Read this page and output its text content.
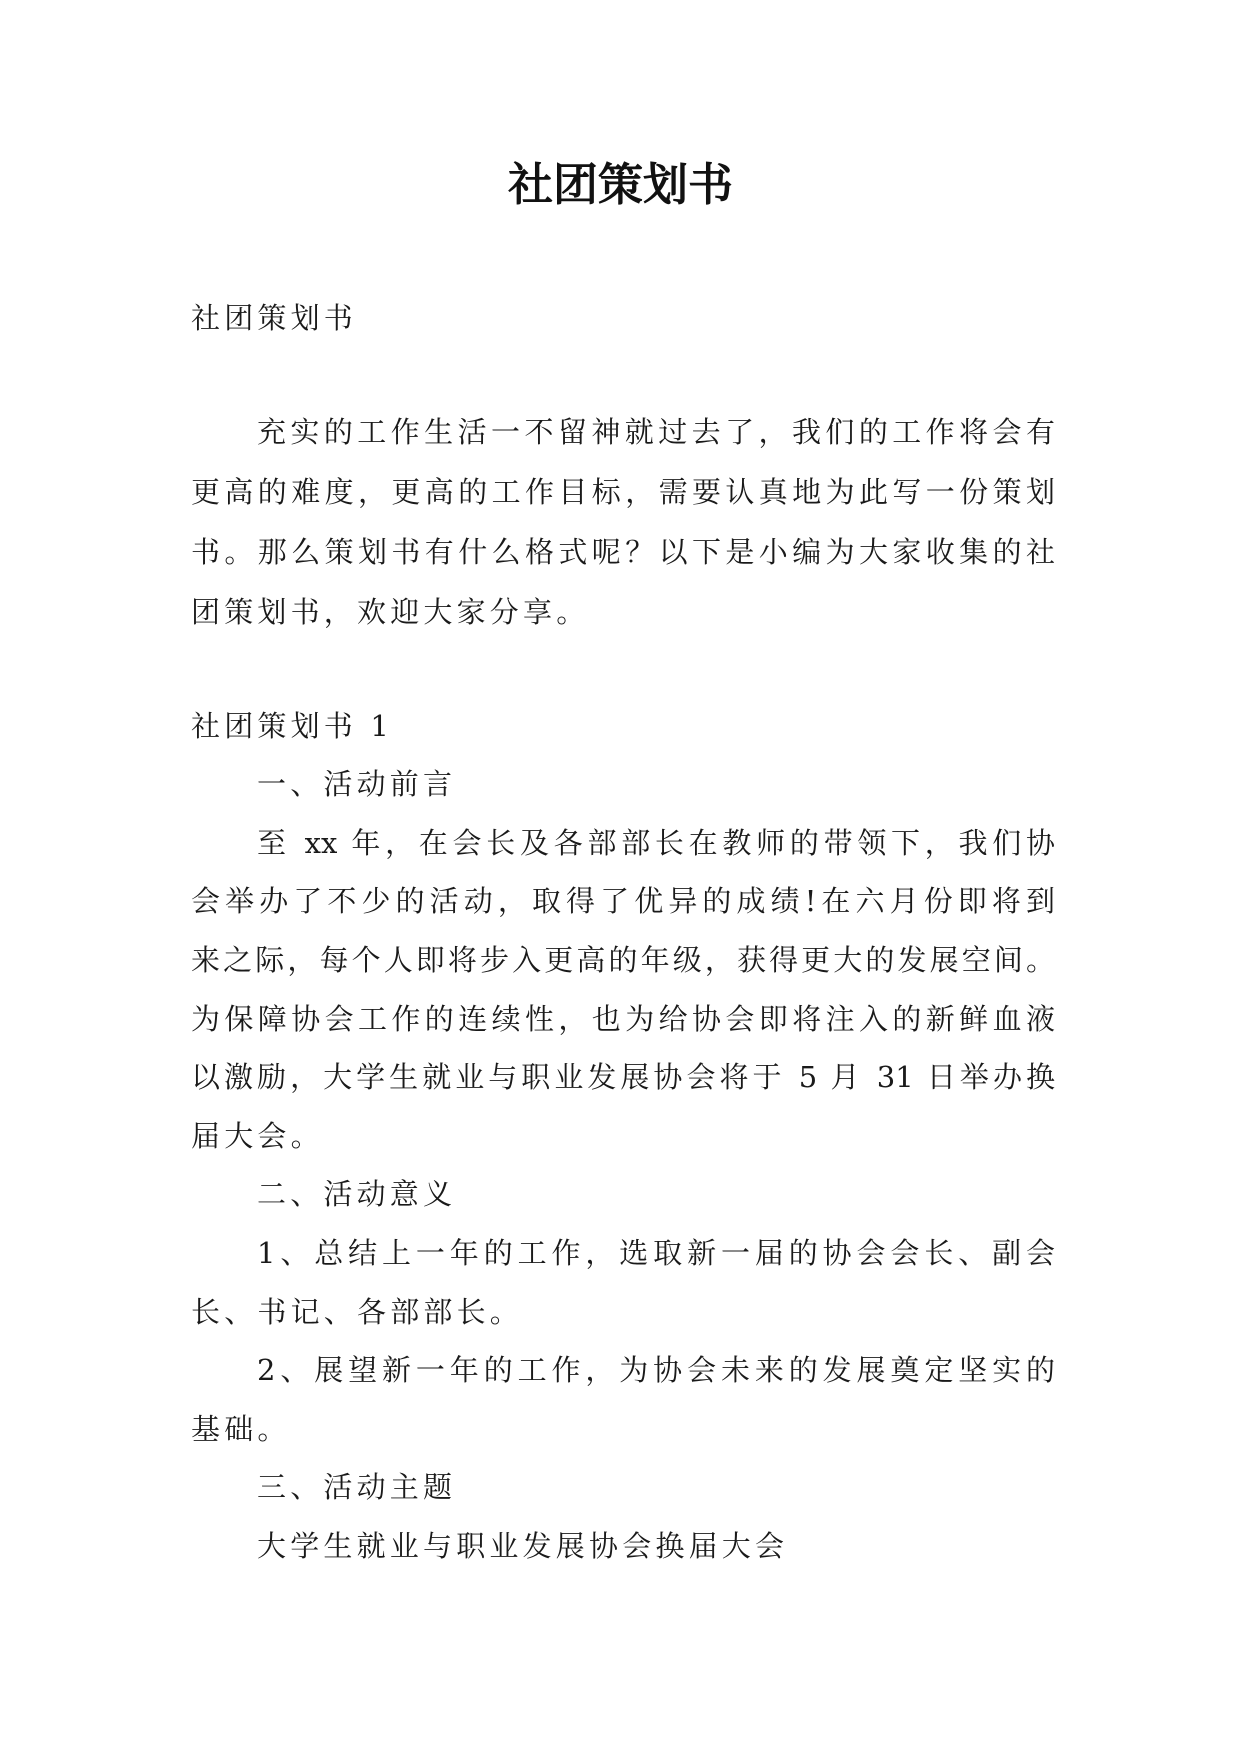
社团策划书
社团策划书
充实的工作生活一不留神就过去了，我们的工作将会有
更高的难度，更高的工作目标，需要认真地为此写一份策划
书。那么策划书有什么格式呢？以下是小编为大家收集的社
团策划书，欢迎大家分享。
社团策划书 1
一、活动前言
至 xx 年，在会长及各部部长在教师的带领下，我们协
会举办了不少的活动，取得了优异的成绩!在六月份即将到
来之际，每个人即将步入更高的年级，获得更大的发展空间。
为保障协会工作的连续性，也为给协会即将注入的新鲜血液
以激励，大学生就业与职业发展协会将于 5 月 31 日举办换
届大会。
二、活动意义
1、总结上一年的工作，选取新一届的协会会长、副会
长、书记、各部部长。
2、展望新一年的工作，为协会未来的发展奠定坚实的
基础。
三、活动主题
大学生就业与职业发展协会换届大会
